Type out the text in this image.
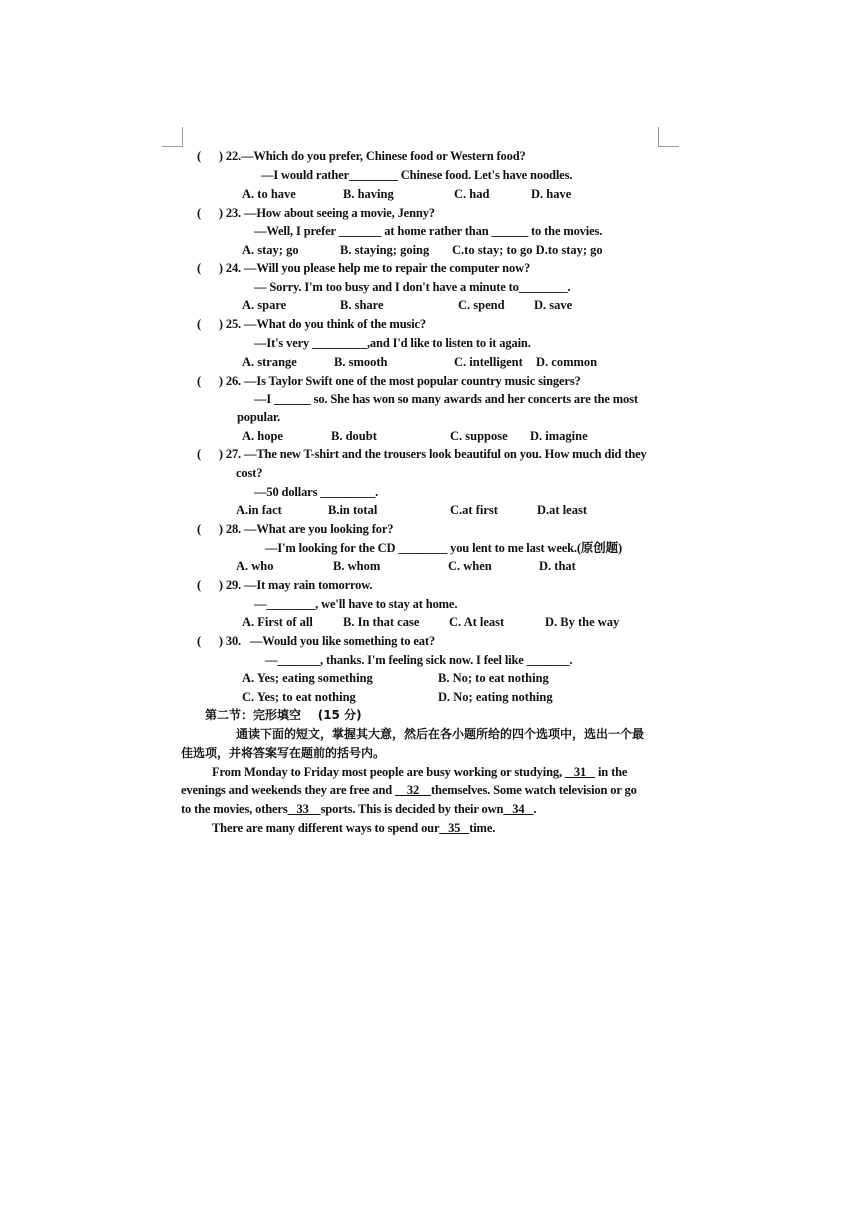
(      ) 22.—Which do you prefer, Chinese food or Western food?
—I would rather________ Chinese food. Let's have noodles.
A. to have	B. having	C. had	D. have
(      ) 23. —How about seeing a movie, Jenny?
—Well, I prefer _______ at home rather than ______ to the movies.
A. stay; go	B. staying; going C.to stay; to go D.to stay; go
(      ) 24. —Will you please help me to repair the computer now?
— Sorry. I'm too busy and I don't have a minute to________.
A. spare	B. share	C. spend D. save
(      ) 25. —What do you think of the music?
—It's very _________,and I'd like to listen to it again.
A. strange	B. smooth	C. intelligent D. common
(      ) 26. —Is Taylor Swift one of the most popular country music singers?
—I ______ so. She has won so many awards and her concerts are the most
popular.
A. hope	B. doubt	C. suppose D. imagine
(      ) 27. —The new T-shirt and the trousers look beautiful on you. How much did they
cost?
—50 dollars _________.
A.in fact	B.in total	C.at first	D.at least
(      ) 28. —What are you looking for?
—I'm looking for the CD ________ you lent to me last week.(原创题)
A. who	B. whom	C. when	D. that
(      ) 29. —It may rain tomorrow.
—________, we'll have to stay at home.
A. First of all B. In that case C. At least	D. By the way
(      ) 30.   —Would you like something to eat?
—_______, thanks. I'm feeling sick now. I feel like _______.
A. Yes; eating something	B. No; to eat nothing
C. Yes; to eat nothing	D. No; eating nothing
第二节：完形填空    (15 分)
通读下面的短文，掌握其大意，然后在各小题所给的四个选项中，选出一个最
佳选项，并将答案写在题前的括号内。
From Monday to Friday most people are busy working or studying,    31    in the
evenings and weekends they are free and     32    themselves. Some watch television or go
to the movies, others   33    sports. This is decided by their own   34   .
There are many different ways to spend our   35   time.
